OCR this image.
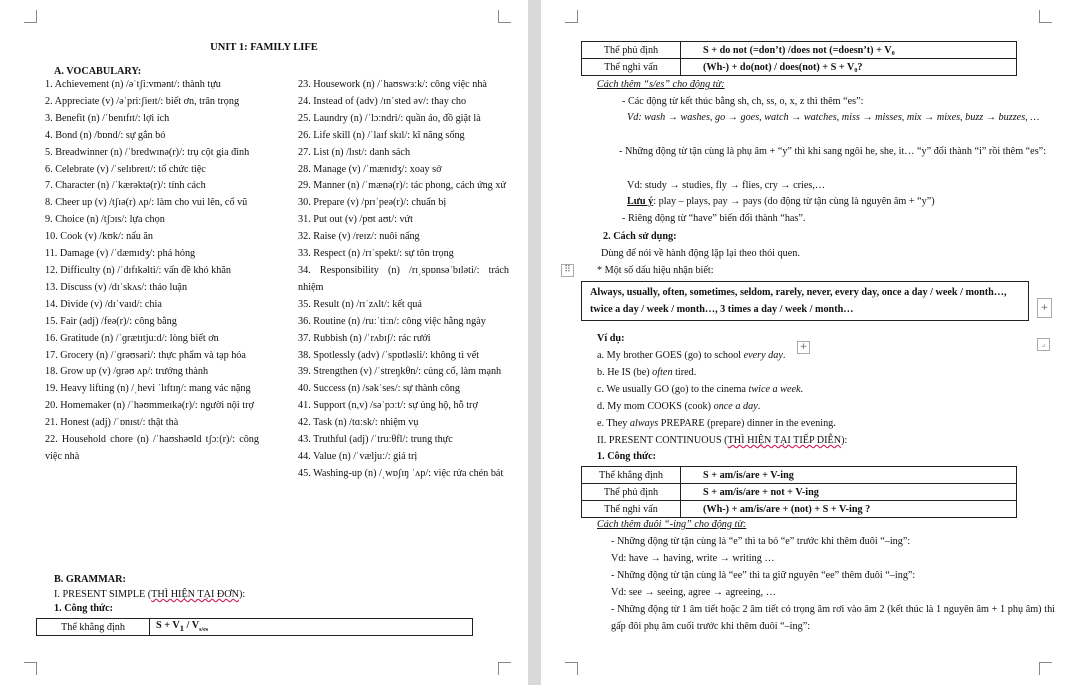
UNIT 1: FAMILY LIFE
A. VOCABULARY:
1. Achievement (n) /əˈtʃiːvmənt/: thành tựu
2. Appreciate (v) /əˈpriːʃieɪt/: biết ơn, trân trọng
3. Benefit (n) /ˈbenɪfɪt/: lợi ích
4. Bond (n) /bɒnd/: sự gắn bó
5. Breadwinner (n) /ˈbredwɪnə(r)/: trụ cột gia đình
6. Celebrate (v) /ˈselɪbreɪt/: tổ chức tiệc
7. Character (n) /ˈkærəktə(r)/: tính cách
8. Cheer up (v) /tʃɪə(r) ʌp/: làm cho vui lên, cổ vũ
9. Choice (n) /tʃɔɪs/: lựa chọn
10. Cook (v) /kʊk/: nấu ăn
11. Damage (v) /ˈdæmɪdʒ/: phá hỏng
12. Difficulty (n) /ˈdɪfɪkəlti/: vấn đề khó khăn
13. Discuss (v) /dɪˈskʌs/: thảo luận
14. Divide (v) /dɪˈvaɪd/: chia
15. Fair (adj) /feə(r)/: công bằng
16. Gratitude (n) /ˈɡrætɪtjuːd/: lòng biết ơn
17. Grocery (n) /ˈɡrəʊsəri/: thực phẩm và tạp hóa
18. Grow up (v) /ɡrəʊ ʌp/: trưởng thành
19. Heavy lifting (n) /ˌhevi ˈlɪftɪŋ/: mang vác nặng
20. Homemaker (n) /ˈhəʊmmeɪkə(r)/: người nội trợ
21. Honest (adj) /ˈɒnɪst/: thật thà
22. Household chore (n) /ˈhaʊshəʊld tʃɔː(r)/: công việc nhà
23. Housework (n) /ˈhaʊswɜːk/: công việc nhà
24. Instead of (adv) /ɪnˈsted əv/: thay cho
25. Laundry (n) /ˈlɔːndri/: quần áo, đồ giặt là
26. Life skill (n) /ˈlaɪf skɪl/: kĩ năng sống
27. List (n) /lɪst/: danh sách
28. Manage (v) /ˈmænɪdʒ/: xoay sở
29. Manner (n) /ˈmænə(r)/: tác phong, cách ứng xử
30. Prepare (v) /prɪˈpeə(r)/: chuẩn bị
31. Put out (v) /pʊt aʊt/: vứt
32. Raise (v) /reɪz/: nuôi nấng
33. Respect (n) /rɪˈspekt/: sự tôn trọng
34. Responsibility (n) /rɪˌspɒnsəˈbɪləti/: trách nhiệm
35. Result (n) /rɪˈzʌlt/: kết quả
36. Routine (n) /ruːˈtiːn/: công việc hằng ngày
37. Rubbish (n) /ˈrʌbɪʃ/: rác rưởi
38. Spotlessly (adv) /ˈspɒtləsli/: không tì vết
39. Strengthen (v) /ˈstreŋkθn/: củng cố, làm mạnh
40. Success (n) /səkˈses/: sự thành công
41. Support (n,v) /səˈpɔːt/: sự ủng hộ, hỗ trợ
42. Task (n) /tɑːsk/: nhiệm vụ
43. Truthful (adj) /ˈtruːθfl/: trung thực
44. Value (n) /ˈvæljuː/: giá trị
45. Washing-up (n) /ˌwɒʃɪŋ ˈʌp/: việc rửa chén bát
B. GRAMMAR:
I. PRESENT SIMPLE (THÌ HIỆN TẠI ĐƠN):
1. Công thức:
Thể khẳng định	$S + V_1 / V_{s/es}$
Thể phủ định	S + do not (=don’t) /does not (=doesn’t) + V₀
Thể nghi vấn	(Wh-) + do(not) / does(not) + S + V₀?
Cách thêm “s/es” cho động từ:
- Các động từ kết thúc bằng sh, ch, ss, o, x, z thì thêm “es”:
Vd: wash → washes, go → goes, watch → watches, miss → misses, mix → mixes, buzz → buzzes, …
- Những động từ tận cùng là phụ âm + “y” thì khi sang ngôi he, she, it… “y” đổi thành “i” rồi thêm “es”:
Vd: study → studies, fly → flies, cry → cries,…
Lưu ý: play – plays, pay → pays (do động từ tận cùng là nguyên âm + “y”)
- Riêng động từ “have” biến đổi thành “has”.
2. Cách sử dụng:
Dùng để nói về hành động lặp lại theo thói quen.
⠿	* Một số dấu hiệu nhận biết:
Always, usually, often, sometimes, seldom, rarely, never, every day, once a day / week / month…, twice a day / week / month…, 3 times a day / week / month…	+
+	⌟
Ví dụ:
a. My brother GOES (go) to school every day.
b. He IS (be) often tired.
c. We usually GO (go) to the cinema twice a week.
d. My mom COOKS (cook) once a day.
e. They always PREPARE (prepare) dinner in the evening.
II. PRESENT CONTINUOUS (THÌ HIỆN TẠI TIẾP DIỄN):
1. Công thức:
Thể khẳng định	S + am/is/are + V-ing
Thể phủ định	S + am/is/are + not + V-ing
Thể nghi vấn	(Wh-) + am/is/are + (not) + S + V-ing ?
Cách thêm đuôi “-ing” cho động từ:
- Những động từ tận cùng là “e” thì ta bỏ “e” trước khi thêm đuôi “–ing”:
Vd: have → having, write → writing …
- Những động từ tận cùng là “ee” thì ta giữ nguyên “ee” thêm đuôi “–ing”:
Vd: see → seeing, agree → agreeing, …
- Những động từ 1 âm tiết hoặc 2 âm tiết có trọng âm rơi vào âm 2 (kết thúc là 1 nguyên âm + 1 phụ âm) thì gấp đôi phụ âm cuối trước khi thêm đuôi “–ing”:
